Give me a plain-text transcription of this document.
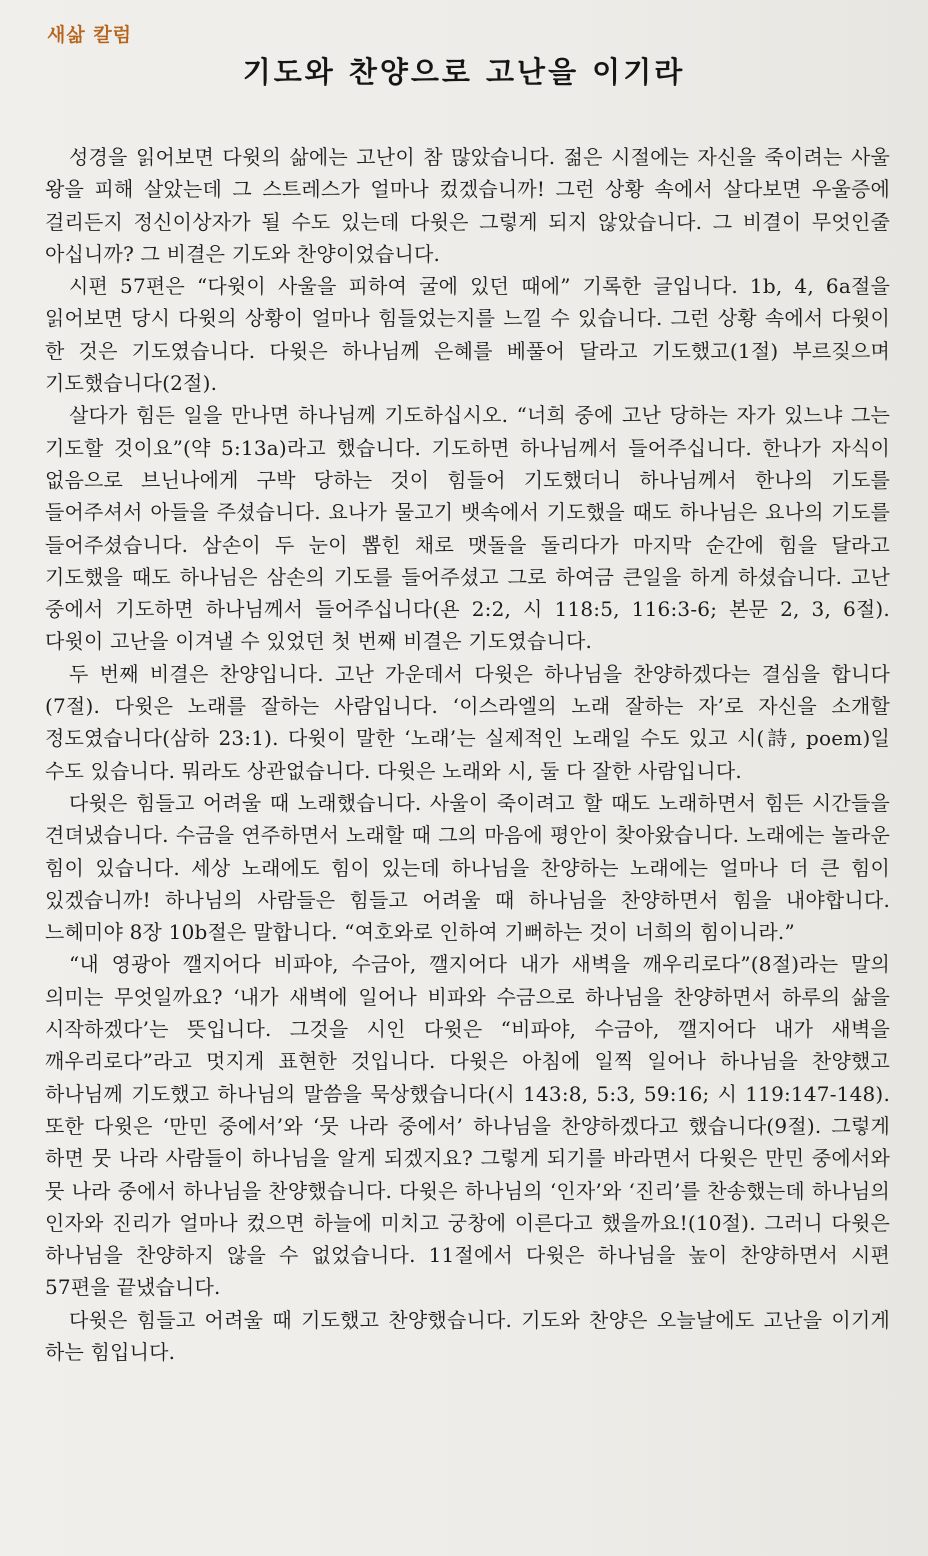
새삶 칼럼
기도와 찬양으로 고난을 이기라

성경을 읽어보면 다윗의 삶에는 고난이 참 많았습니다. 젊은 시절에는 자신을 죽이려는 사울 왕을 피해 살았는데 그 스트레스가 얼마나 컸겠습니까! 그런 상황 속에서 살다보면 우울증에 걸리든지 정신이상자가 될 수도 있는데 다윗은 그렇게 되지 않았습니다. 그 비결이 무엇인줄 아십니까? 그 비결은 기도와 찬양이었습니다.

시편 57편은 “다윗이 사울을 피하여 굴에 있던 때에” 기록한 글입니다. 1b, 4, 6a절을 읽어보면 당시 다윗의 상황이 얼마나 힘들었는지를 느낄 수 있습니다. 그런 상황 속에서 다윗이 한 것은 기도였습니다. 다윗은 하나님께 은혜를 베풀어 달라고 기도했고(1절) 부르짖으며 기도했습니다(2절).

살다가 힘든 일을 만나면 하나님께 기도하십시오. “너희 중에 고난 당하는 자가 있느냐 그는 기도할 것이요”(약 5:13a)라고 했습니다. 기도하면 하나님께서 들어주십니다. 한나가 자식이 없음으로 브닌나에게 구박 당하는 것이 힘들어 기도했더니 하나님께서 한나의 기도를 들어주셔서 아들을 주셨습니다. 요나가 물고기 뱃속에서 기도했을 때도 하나님은 요나의 기도를 들어주셨습니다. 삼손이 두 눈이 뽑힌 채로 맷돌을 돌리다가 마지막 순간에 힘을 달라고 기도했을 때도 하나님은 삼손의 기도를 들어주셨고 그로 하여금 큰일을 하게 하셨습니다. 고난 중에서 기도하면 하나님께서 들어주십니다(욘 2:2, 시 118:5, 116:3-6; 본문 2, 3, 6절). 다윗이 고난을 이겨낼 수 있었던 첫 번째 비결은 기도였습니다.

두 번째 비결은 찬양입니다. 고난 가운데서 다윗은 하나님을 찬양하겠다는 결심을 합니다(7절). 다윗은 노래를 잘하는 사람입니다. ‘이스라엘의 노래 잘하는 자’로 자신을 소개할 정도였습니다(삼하 23:1). 다윗이 말한 ‘노래’는 실제적인 노래일 수도 있고 시(詩, poem)일 수도 있습니다. 뭐라도 상관없습니다. 다윗은 노래와 시, 둘 다 잘한 사람입니다.

다윗은 힘들고 어려울 때 노래했습니다. 사울이 죽이려고 할 때도 노래하면서 힘든 시간들을 견뎌냈습니다. 수금을 연주하면서 노래할 때 그의 마음에 평안이 찾아왔습니다. 노래에는 놀라운 힘이 있습니다. 세상 노래에도 힘이 있는데 하나님을 찬양하는 노래에는 얼마나 더 큰 힘이 있겠습니까! 하나님의 사람들은 힘들고 어려울 때 하나님을 찬양하면서 힘을 내야합니다. 느헤미야 8장 10b절은 말합니다. “여호와로 인하여 기뻐하는 것이 너희의 힘이니라.”

“내 영광아 깰지어다 비파야, 수금아, 깰지어다 내가 새벽을 깨우리로다”(8절)라는 말의 의미는 무엇일까요? ‘내가 새벽에 일어나 비파와 수금으로 하나님을 찬양하면서 하루의 삶을 시작하겠다’는 뜻입니다. 그것을 시인 다윗은 “비파야, 수금아, 깰지어다 내가 새벽을 깨우리로다”라고 멋지게 표현한 것입니다. 다윗은 아침에 일찍 일어나 하나님을 찬양했고 하나님께 기도했고 하나님의 말씀을 묵상했습니다(시 143:8, 5:3, 59:16; 시 119:147-148). 또한 다윗은 ‘만민 중에서’와 ‘뭇 나라 중에서’ 하나님을 찬양하겠다고 했습니다(9절). 그렇게 하면 뭇 나라 사람들이 하나님을 알게 되겠지요? 그렇게 되기를 바라면서 다윗은 만민 중에서와 뭇 나라 중에서 하나님을 찬양했습니다. 다윗은 하나님의 ‘인자’와 ‘진리’를 찬송했는데 하나님의 인자와 진리가 얼마나 컸으면 하늘에 미치고 궁창에 이른다고 했을까요!(10절). 그러니 다윗은 하나님을 찬양하지 않을 수 없었습니다. 11절에서 다윗은 하나님을 높이 찬양하면서 시편 57편을 끝냈습니다.

다윗은 힘들고 어려울 때 기도했고 찬양했습니다. 기도와 찬양은 오늘날에도 고난을 이기게 하는 힘입니다.
